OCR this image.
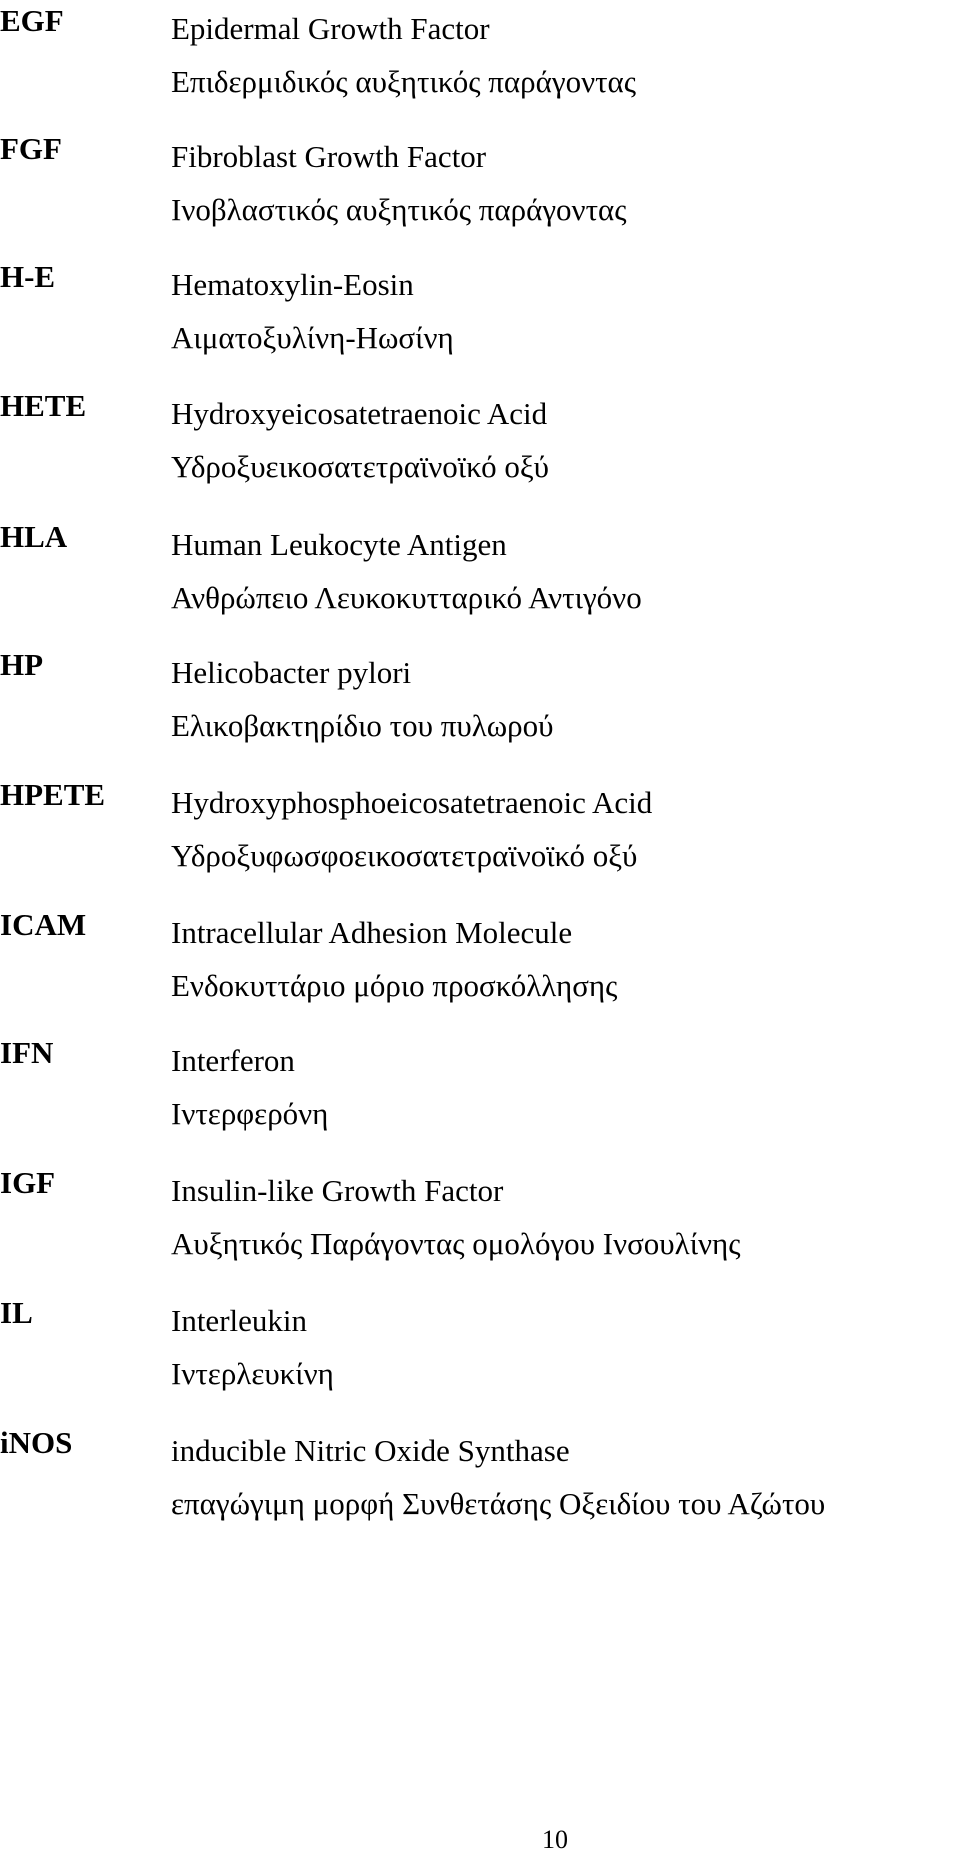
EGF	Epidermal Growth Factor
Επιδερμιδικός αυξητικός παράγοντας
FGF	Fibroblast Growth Factor
Ινοβλαστικός αυξητικός παράγοντας
H-E	Hematoxylin-Eosin
Αιματοξυλίνη-Ηωσίνη
HETE	Hydroxyeicosatetraenoic Acid
Υδροξυεικοσατετραϊνοϊκό οξύ
HLA	Human Leukocyte Antigen
Ανθρώπειο Λευκοκυτταρικό Αντιγόνο
HP	Helicobacter pylori
Ελικοβακτηρίδιο του πυλωρού
HPETE Hydroxyphosphoeicosatetraenoic Acid
Υδροξυφωσφοεικοσατετραϊνοϊκό οξύ
ICAM	Intracellular Adhesion Molecule
Ενδοκυττάριο μόριο προσκόλλησης
IFN	Interferon
Ιντερφερόνη
IGF	Insulin-like Growth Factor
Αυξητικός Παράγοντας ομολόγου Ινσουλίνης
IL	Interleukin
Ιντερλευκίνη
iNOS	inducible Nitric Oxide Synthase
επαγώγιμη μορφή Συνθετάσης Οξειδίου του Αζώτου
10
